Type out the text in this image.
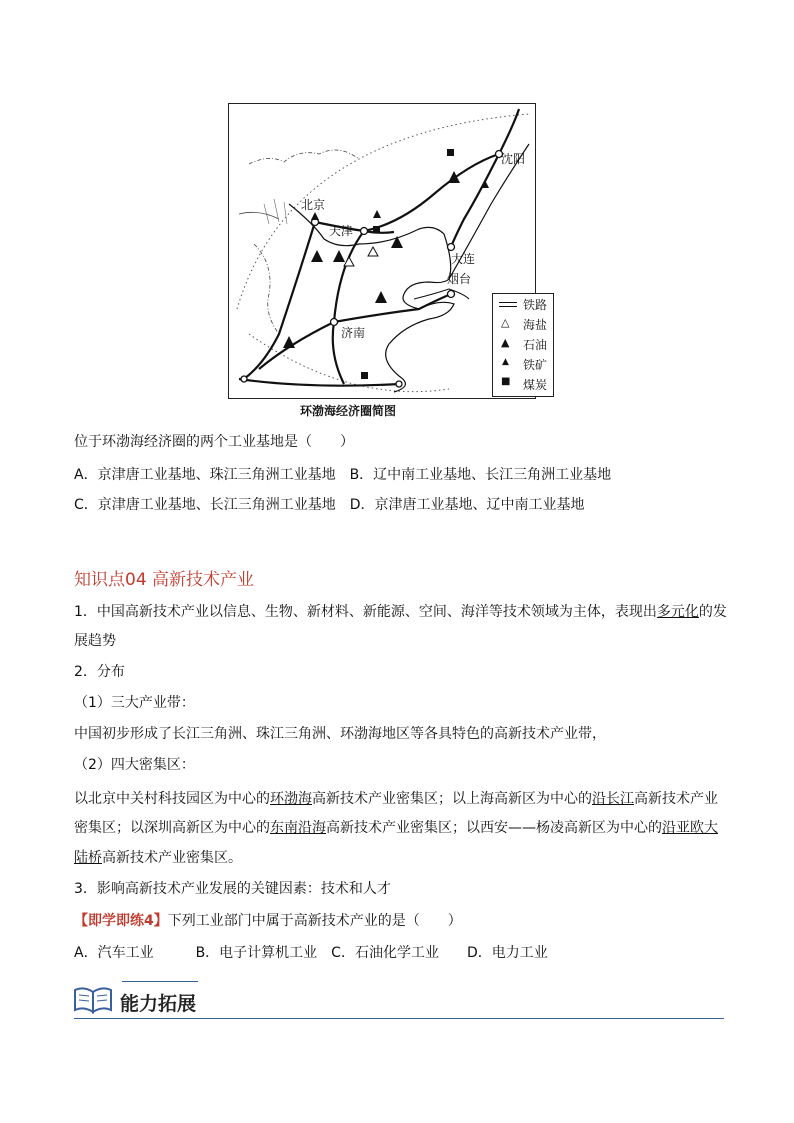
北京
天津
沈阳
大连
烟台
济南
铁路
△ 海盐
▲ 石油
▲ 铁矿
■ 煤炭
环渤海经济圈简图
位于环渤海经济圈的两个工业基地是（　　）
A．京津唐工业基地、珠江三角洲工业基地　B．辽中南工业基地、长江三角洲工业基地
C．京津唐工业基地、长江三角洲工业基地　D．京津唐工业基地、辽中南工业基地
知识点04 高新技术产业
1．中国高新技术产业以信息、生物、新材料、新能源、空间、海洋等技术领域为主体，表现出多元化的发
展趋势
2．分布
（1）三大产业带：
中国初步形成了长江三角洲、珠江三角洲、环渤海地区等各具特色的高新技术产业带，
（2）四大密集区：
以北京中关村科技园区为中心的环渤海高新技术产业密集区；以上海高新区为中心的沿长江高新技术产业
密集区；以深圳高新区为中心的东南沿海高新技术产业密集区；以西安——杨凌高新区为中心的沿亚欧大
陆桥高新技术产业密集区。
3．影响高新技术产业发展的关键因素：技术和人才
【即学即练4】下列工业部门中属于高新技术产业的是（　　）
A．汽车工业　　　B．电子计算机工业　C．石油化学工业　　D．电力工业
能力拓展
